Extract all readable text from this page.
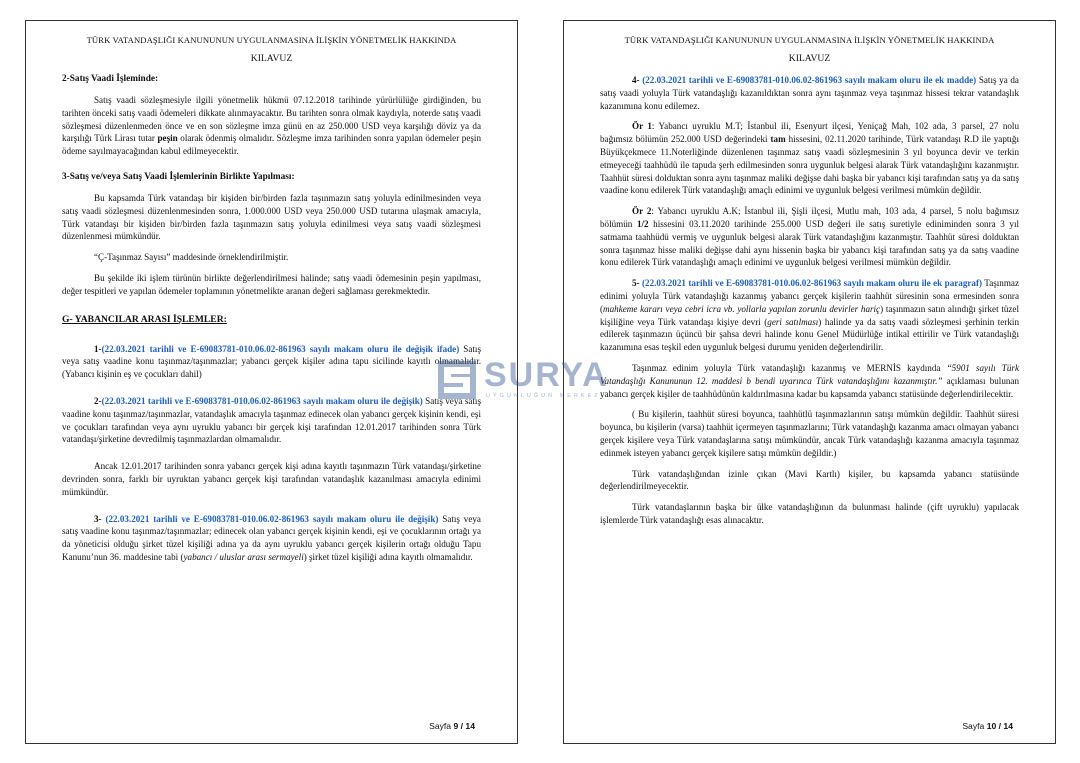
TÜRK VATANDAŞLIĞI KANUNUNUN UYGULANMASINA İLİŞKİN YÖNETMELİK HAKKINDA
KILAVUZ
2-Satış Vaadi İşleminde:

Satış vaadi sözleşmesiyle ilgili yönetmelik hükmü 07.12.2018 tarihinde yürürlülüğe girdiğinden, bu tarihten önceki satış vaadi ödemeleri dikkate alınmayacaktır. Bu tarihten sonra olmak kaydıyla, noterde satış vaadi sözleşmesi düzenlenmeden önce ve en son sözleşme imza günü en az 250.000 USD veya karşılığı döviz ya da karşılığı Türk Lirası tutar peşin olarak ödenmiş olmalıdır. Sözleşme imza tarihinden sonra yapılan ödemeler peşin ödeme sayılmayacağından kabul edilmeyecektir.

3-Satış ve/veya Satış Vaadi İşlemlerinin Birlikte Yapılması:

Bu kapsamda Türk vatandaşı bir kişiden bir/birden fazla taşınmazın satış yoluyla edinilmesinden veya satış vaadi sözleşmesi düzenlenmesinden sonra, 1.000.000 USD veya 250.000 USD tutarına ulaşmak amacıyla, Türk vatandaşı bir kişiden bir/birden fazla taşınmazın satış yoluyla edinilmesi veya satış vaadi sözleşmesi düzenlenmesi mümkündür.

“Ç-Taşınmaz Sayısı” maddesinde örneklendirilmiştir.

Bu şekilde iki işlem türünün birlikte değerlendirilmesi halinde; satış vaadi ödemesinin peşin yapılması, değer tespitleri ve yapılan ödemeler toplamının yönetmelikte aranan değeri sağlaması gerekmektedir.

G- YABANCILAR ARASI İŞLEMLER:

1-(22.03.2021 tarihli ve E-69083781-010.06.02-861963 sayılı makam oluru ile değişik ifade) Satış veya satış vaadine konu taşınmaz/taşınmazlar; yabancı gerçek kişiler adına tapu sicilinde kayıtlı olmamalıdır. (Yabancı kişinin eş ve çocukları dahil)

2-(22.03.2021 tarihli ve E-69083781-010.06.02-861963 sayılı makam oluru ile değişik) Satış veya satış vaadine konu taşınmaz/taşınmazlar, vatandaşlık amacıyla taşınmaz edinecek olan yabancı gerçek kişinin kendi, eşi ve çocukları tarafından veya aynı uyruklu yabancı bir gerçek kişi tarafından 12.01.2017 tarihinden sonra Türk vatandaşı/şirketine devredilmiş taşınmazlardan olmamalıdır.

Ancak 12.01.2017 tarihinden sonra yabancı gerçek kişi adına kayıtlı taşınmazın Türk vatandaşı/şirketine devrinden sonra, farklı bir uyruktan yabancı gerçek kişi tarafından vatandaşlık kazanılması amacıyla edinimi mümkündür.

3- (22.03.2021 tarihli ve E-69083781-010.06.02-861963 sayılı makam oluru ile değişik) Satış veya satış vaadine konu taşınmaz/taşınmazlar; edinecek olan yabancı gerçek kişinin kendi, eşi ve çocuklarının ortağı ya da yöneticisi olduğu şirket tüzel kişiliği adına ya da aynı uyruklu yabancı gerçek kişilerin ortağı olduğu Tapu Kanunu’nun 36. maddesine tabi (yabancı / uluslar arası sermayeli) şirket tüzel kişiliği adına kayıtlı olmamalıdır.

Sayfa 9 / 14
TÜRK VATANDAŞLIĞI KANUNUNUN UYGULANMASINA İLİŞKİN YÖNETMELİK HAKKINDA
KILAVUZ

4- (22.03.2021 tarihli ve E-69083781-010.06.02-861963 sayılı makam oluru ile ek madde) Satış ya da satış vaadi yoluyla Türk vatandaşlığı kazanıldıktan sonra aynı taşınmaz veya taşınmaz hissesi tekrar vatandaşlık kazanımına konu edilemez.

Ör 1: Yabancı uyruklu M.T; İstanbul ili, Esenyurt ilçesi, Yeniçağ Mah, 102 ada, 3 parsel, 27 nolu bağımsız bölümün 252.000 USD değerindeki tam hissesini, 02.11.2020 tarihinde, Türk vatandaşı R.D ile yaptığı Büyükçekmece 11.Noterliğinde düzenlenen taşınmaz satış vaadi sözleşmesinin 3 yıl boyunca devir ve terkin etmeyeceği taahhüdü ile tapuda şerh edilmesinden sonra uygunluk belgesi alarak Türk vatandaşlığını kazanmıştır. Taahhüt süresi dolduktan sonra aynı taşınmaz maliki değişse dahi başka bir yabancı kişi tarafından satış ya da satış vaadine konu edilerek Türk vatandaşlığı amaçlı edinimi ve uygunluk belgesi verilmesi mümkün değildir.

Ör 2: Yabancı uyruklu A.K; İstanbul ili, Şişli ilçesi, Mutlu mah, 103 ada, 4 parsel, 5 nolu bağımsız bölümün 1/2 hissesini 03.11.2020 tarihinde 255.000 USD değeri ile satış suretiyle ediniminden sonra 3 yıl satmama taahhüdü vermiş ve uygunluk belgesi alarak Türk vatandaşlığını kazanmıştır. Taahhüt süresi dolduktan sonra taşınmaz hisse maliki değişse dahi aynı hissenin başka bir yabancı kişi tarafından satış ya da satış vaadine konu edilerek Türk vatandaşlığı amaçlı edinimi ve uygunluk belgesi verilmesi mümkün değildir.

5- (22.03.2021 tarihli ve E-69083781-010.06.02-861963 sayılı makam oluru ile ek paragraf) Taşınmaz edinimi yoluyla Türk vatandaşlığı kazanmış yabancı gerçek kişilerin taahhüt süresinin sona ermesinden sonra (mahkeme kararı veya cebri icra vb. yollarla yapılan zorunlu devirler hariç) taşınmazın satın alındığı şirket tüzel kişiliğine veya Türk vatandaşı kişiye devri (geri satılması) halinde ya da satış vaadi sözleşmesi şerhinin terkin edilerek taşınmazın üçüncü bir şahsa devri halinde konu Genel Müdürlüğe intikal ettirilir ve Türk vatandaşlığı kazanımına esas teşkil eden uygunluk belgesi durumu yeniden değerlendirilir.

Taşınmaz edinim yoluyla Türk vatandaşlığı kazanmış ve MERNİS kaydında “5901 sayılı Türk Vatandaşlığı Kanununun 12. maddesi b bendi uyarınca Türk vatandaşlığını kazanmıştır.” açıklaması bulunan yabancı gerçek kişiler de taahhüdünün kaldırılmasına kadar bu kapsamda yabancı statüsünde değerlendirilecektir.

( Bu kişilerin, taahhüt süresi boyunca, taahhütlü taşınmazlarının satışı mümkün değildir. Taahhüt süresi boyunca, bu kişilerin (varsa) taahhüt içermeyen taşınmazlarını; Türk vatandaşlığı kazanma amacı olmayan yabancı gerçek kişilere veya Türk vatandaşlarına satışı mümkündür, ancak Türk vatandaşlığı kazanma amacıyla taşınmaz edinmek isteyen yabancı gerçek kişilere satışı mümkün değildir.)

Türk vatandaşlığından izinle çıkan (Mavi Kartlı) kişiler, bu kapsamda yabancı statüsünde değerlendirilmeyecektir.

Türk vatandaşlarının başka bir ülke vatandaşlığının da bulunması halinde (çift uyruklu) yapılacak işlemlerde Türk vatandaşlığı esas alınacaktır.

Sayfa 10 / 14
SURYA
UYGUNLUĞUN MERKEZİ
